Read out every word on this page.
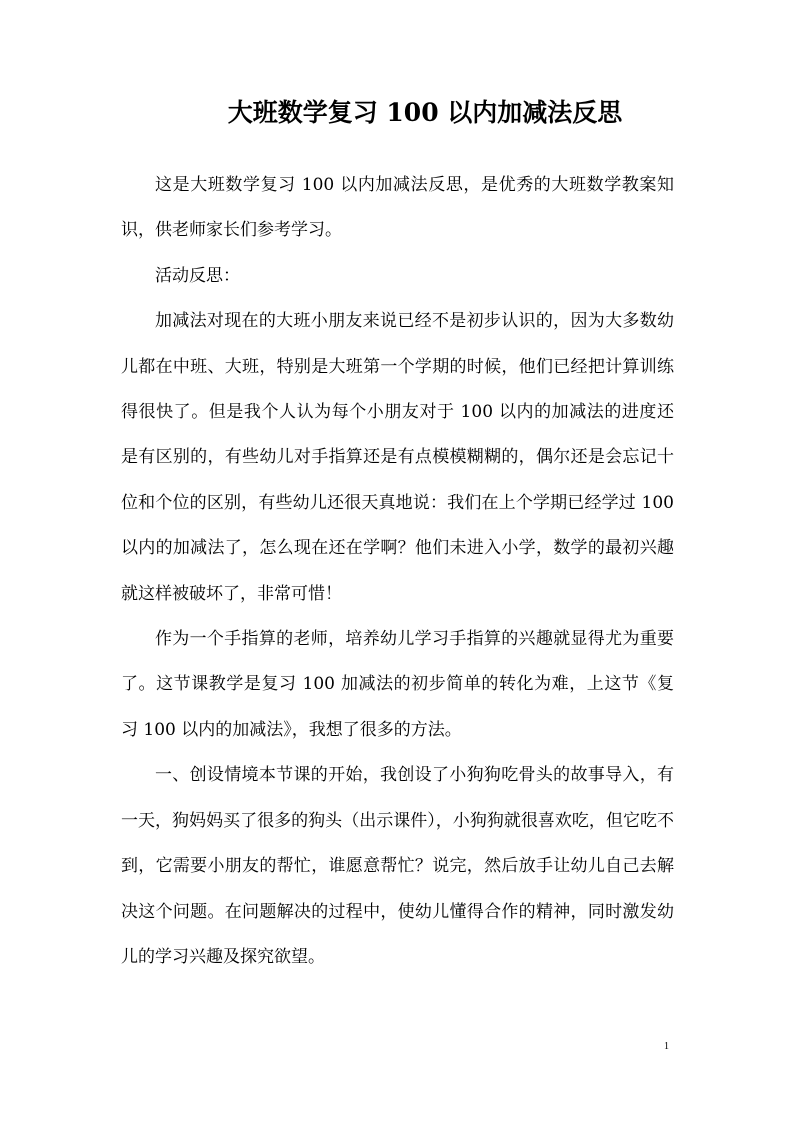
大班数学复习 100 以内加减法反思

这是大班数学复习 100 以内加减法反思，是优秀的大班数学教案知识，供老师家长们参考学习。

活动反思：

加减法对现在的大班小朋友来说已经不是初步认识的，因为大多数幼儿都在中班、大班，特别是大班第一个学期的时候，他们已经把计算训练得很快了。但是我个人认为每个小朋友对于 100 以内的加减法的进度还是有区别的，有些幼儿对手指算还是有点模模糊糊的，偶尔还是会忘记十位和个位的区别，有些幼儿还很天真地说：我们在上个学期已经学过 100 以内的加减法了，怎么现在还在学啊？他们未进入小学，数学的最初兴趣就这样被破坏了，非常可惜！

作为一个手指算的老师，培养幼儿学习手指算的兴趣就显得尤为重要了。这节课教学是复习 100 加减法的初步简单的转化为难，上这节《复习 100 以内的加减法》，我想了很多的方法。

一、创设情境本节课的开始，我创设了小狗狗吃骨头的故事导入，有一天，狗妈妈买了很多的狗头（出示课件），小狗狗就很喜欢吃，但它吃不到，它需要小朋友的帮忙，谁愿意帮忙？说完，然后放手让幼儿自己去解决这个问题。在问题解决的过程中，使幼儿懂得合作的精神，同时激发幼儿的学习兴趣及探究欲望。

1
